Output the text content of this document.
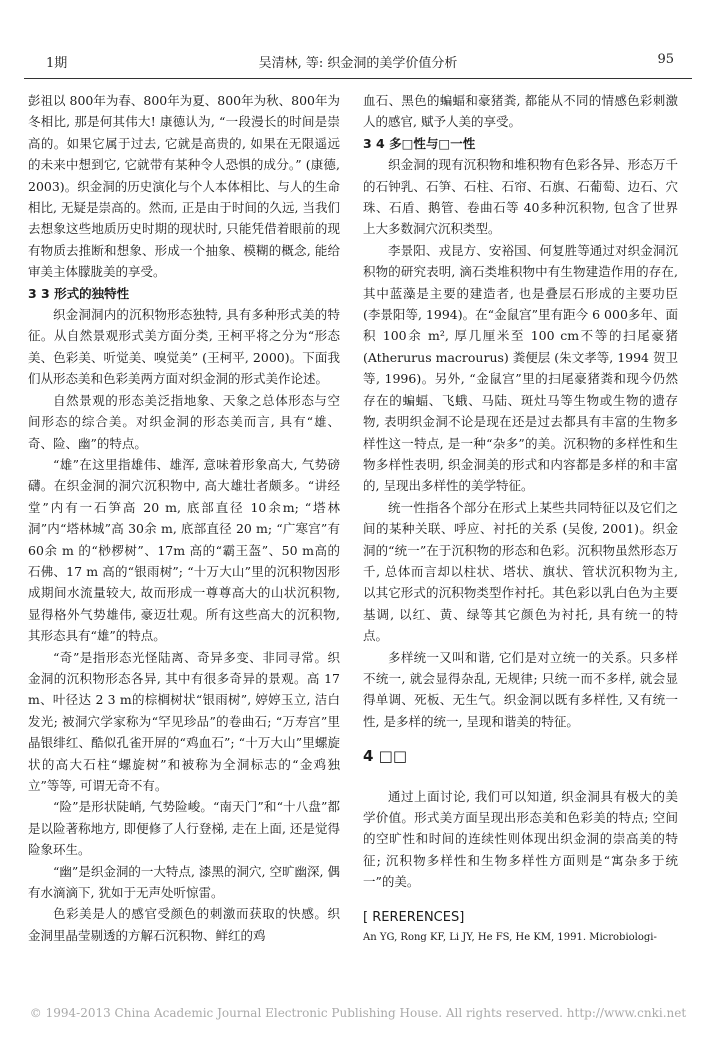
1期	吴清林, 等: 织金洞的美学价值分析	95

彭祖以 800年为春、800年为夏、800年为秋、800年为冬相比, 那是何其伟大! 康德认为, “一段漫长的时间是崇高的。如果它属于过去, 它就是高贵的, 如果在无限遥远的未来中想到它, 它就带有某种令人恐惧的成分。” (康德, 2003)。织金洞的历史演化与个人本体相比、与人的生命相比, 无疑是崇高的。然而, 正是由于时间的久远, 当我们去想象这些地质历史时期的现状时, 只能凭借着眼前的现有物质去推断和想象、形成一个抽象、模糊的概念, 能给审美主体朦胧美的享受。

3 3 形式的独特性

织金洞洞内的沉积物形态独特, 具有多种形式美的特征。从自然景观形式美方面分类, 王柯平将之分为“形态美、色彩美、听觉美、嗅觉美” (王柯平, 2000)。下面我们从形态美和色彩美两方面对织金洞的形式美作论述。

自然景观的形态美泛指地象、天象之总体形态与空间形态的综合美。对织金洞的形态美而言, 具有“雄、奇、险、幽”的特点。

“雄”在这里指雄伟、雄浑, 意味着形象高大, 气势磅礴。在织金洞的洞穴沉积物中, 高大雄壮者颇多。“讲经堂”内有一石笋高 20 m, 底部直径 10余m; “塔林洞”内“塔林城”高 30余 m, 底部直径 20 m; “广寒宫”有 60余 m 的“桫椤树”、17m 高的“霸王盔”、50 m高的石佛、17 m 高的“银雨树”; “十万大山”里的沉积物因形成期间水流量较大, 故而形成一尊尊高大的山状沉积物, 显得格外气势雄伟, 豪迈壮观。所有这些高大的沉积物, 其形态具有“雄”的特点。

“奇”是指形态光怪陆离、奇异多变、非同寻常。织金洞的沉积物形态各异, 其中有很多奇异的景观。高 17 m、叶径达 2 3 m的棕榈树状“银雨树”, 婷婷玉立, 洁白发光; 被洞穴学家称为“罕见珍品”的卷曲石; “万寿宫”里晶银绯红、酷似孔雀开屏的“鸡血石”; “十万大山”里螺旋状的高大石柱“螺旋树”和被称为全洞标志的“金鸡独立”等等, 可谓无奇不有。

“险”是形状陡峭, 气势险峻。“南天门”和“十八盘”都是以险著称地方, 即便修了人行登梯, 走在上面, 还是觉得险象环生。

“幽”是织金洞的一大特点, 漆黑的洞穴, 空旷幽深, 偶有水滴滴下, 犹如于无声处听惊雷。

色彩美是人的感官受颜色的刺激而获取的快感。织金洞里晶莹剔透的方解石沉积物、鲜红的鸡

血石、黑色的蝙蝠和豪猪粪, 都能从不同的情感色彩刺激人的感官, 赋予人美的享受。

3 4 多□性与□一性

织金洞的现有沉积物和堆积物有色彩各异、形态万千的石钟乳、石笋、石柱、石帘、石旗、石葡萄、边石、穴珠、石盾、鹅管、卷曲石等 40多种沉积物, 包含了世界上大多数洞穴沉积类型。

李景阳、戎昆方、安裕国、何复胜等通过对织金洞沉积物的研究表明, 滴石类堆积物中有生物建造作用的存在, 其中蓝藻是主要的建造者, 也是叠层石形成的主要功臣 (李景阳等, 1994)。在“金鼠宫”里有距今 6 000多年、面积 100余 m², 厚几厘米至 100 cm不等的扫尾豪猪 (Atherurus macrourus) 粪便层 (朱文孝等, 1994 贺卫等, 1996)。另外, “金鼠宫”里的扫尾豪猪粪和现今仍然存在的蝙蝠、飞蛾、马陆、斑灶马等生物或生物的遗存物, 表明织金洞不论是现在还是过去都具有丰富的生物多样性这一特点, 是一种“杂多”的美。沉积物的多样性和生物多样性表明, 织金洞美的形式和内容都是多样的和丰富的, 呈现出多样性的美学特征。

统一性指各个部分在形式上某些共同特征以及它们之间的某种关联、呼应、衬托的关系 (吴俊, 2001)。织金洞的“统一”在于沉积物的形态和色彩。沉积物虽然形态万千, 总体而言却以柱状、塔状、旗状、管状沉积物为主, 以其它形式的沉积物类型作衬托。其色彩以乳白色为主要基调, 以红、黄、绿等其它颜色为衬托, 具有统一的特点。

多样统一又叫和谐, 它们是对立统一的关系。只多样不统一, 就会显得杂乱, 无规律; 只统一而不多样, 就会显得单调、死板、无生气。织金洞以既有多样性, 又有统一性, 是多样的统一, 呈现和谐美的特征。

4 □□

通过上面讨论, 我们可以知道, 织金洞具有极大的美学价值。形式美方面呈现出形态美和色彩美的特点; 空间的空旷性和时间的连续性则体现出织金洞的崇高美的特征; 沉积物多样性和生物多样性方面则是“寓杂多于统一”的美。

[ RERERENCES]

An YG, Rong KF, Li JY, He FS, He KM, 1991. Microbiologi-

© 1994-2013 China Academic Journal Electronic Publishing House. All rights reserved. http://www.cnki.net
